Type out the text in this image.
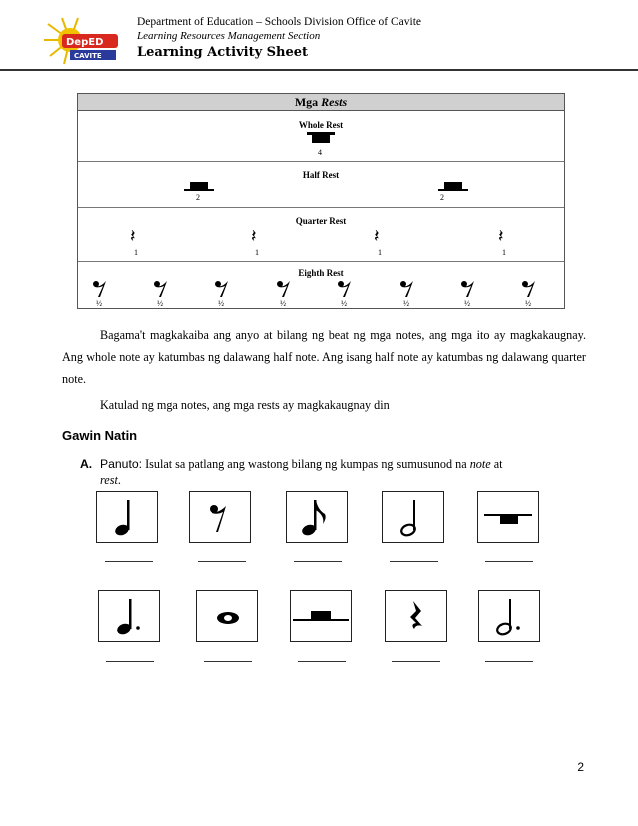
DepED
CAVITE
Department of Education – Schools Division Office of Cavite
Learning Resources Management Section
Learning Activity Sheet
Mga Rests
Whole Rest
4
Half Rest
2	2
Quarter Rest
𝄽
1
𝄽
1
𝄽
1
𝄽
1
Eighth Rest
½	½	½	½	½	½	½	½
Bagama't magkakaiba ang anyo at bilang ng beat ng mga notes, ang mga ito ay magkakaugnay. Ang whole note ay katumbas ng dalawang half note. Ang isang half note ay katumbas ng dalawang quarter note.
Katulad ng mga notes, ang mga rests ay magkakaugnay din
Gawin Natin
A. Panuto: Isulat sa patlang ang wastong bilang ng kumpas ng sumusunod na note at
rest.
2
